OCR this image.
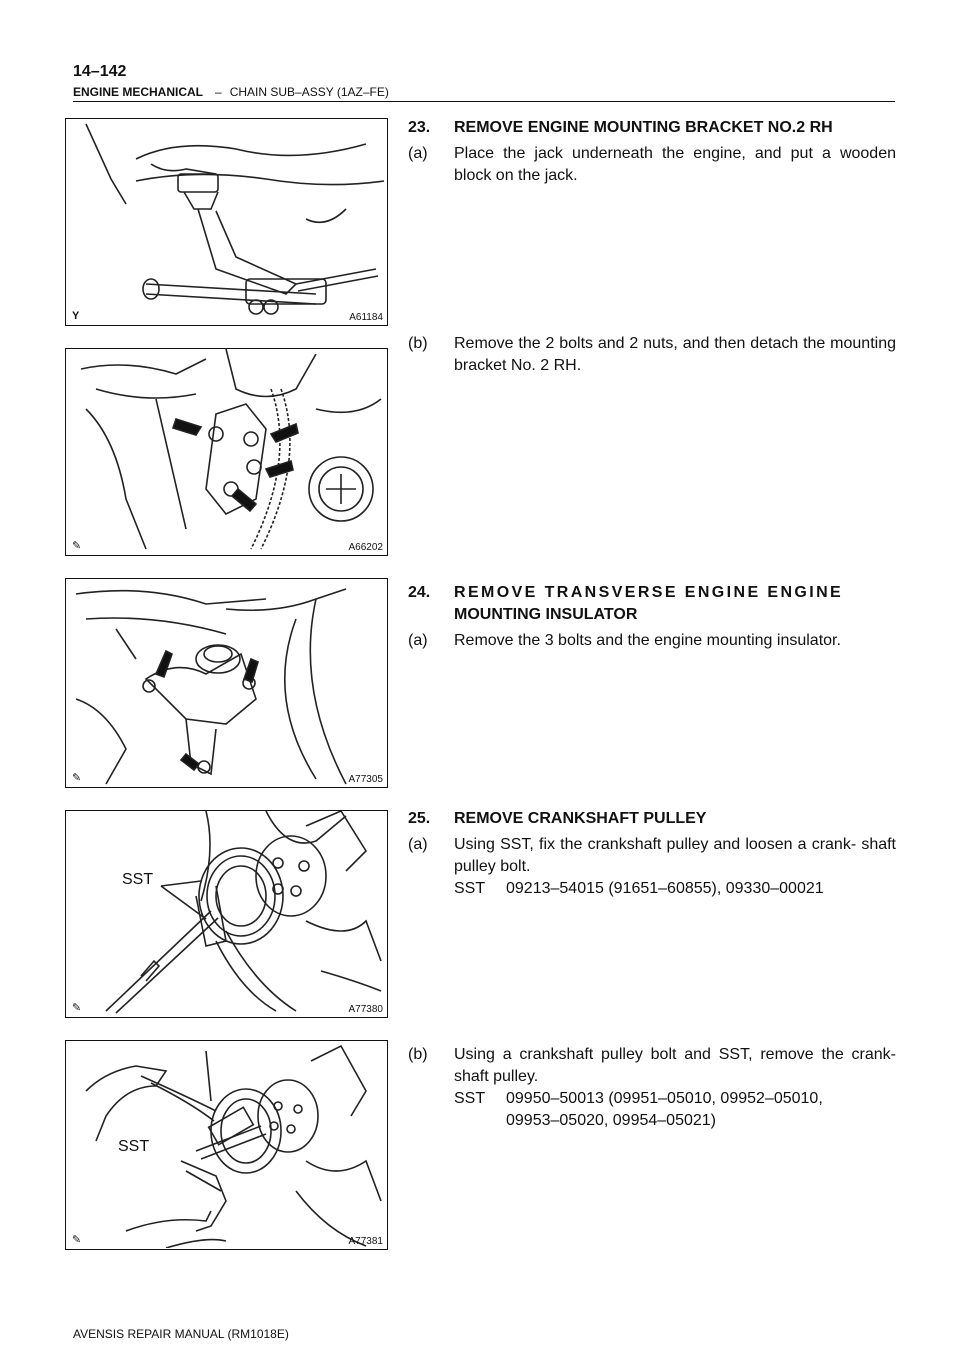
14–142
ENGINE MECHANICAL – CHAIN SUB–ASSY (1AZ–FE)
Y	A61184
✎	A66202
✎	A77305
SST
✎	A77380
SST
✎	A77381
23. REMOVE ENGINE MOUNTING BRACKET NO.2 RH
(a) Place the jack underneath the engine, and put a wooden block on the jack.
(b) Remove the 2 bolts and 2 nuts, and then detach the mounting bracket No. 2 RH.
24. REMOVE TRANSVERSE ENGINE ENGINE
MOUNTING INSULATOR
(a) Remove the 3 bolts and the engine mounting insulator.
25. REMOVE CRANKSHAFT PULLEY
(a) Using SST, fix the crankshaft pulley and loosen a crank- shaft pulley bolt.
SST 09213–54015 (91651–60855), 09330–00021
(b) Using a crankshaft pulley bolt and SST, remove the crank- shaft pulley.
SST 09950–50013 (09951–05010, 09952–05010,
09953–05020, 09954–05021)
AVENSIS REPAIR MANUAL (RM1018E)
